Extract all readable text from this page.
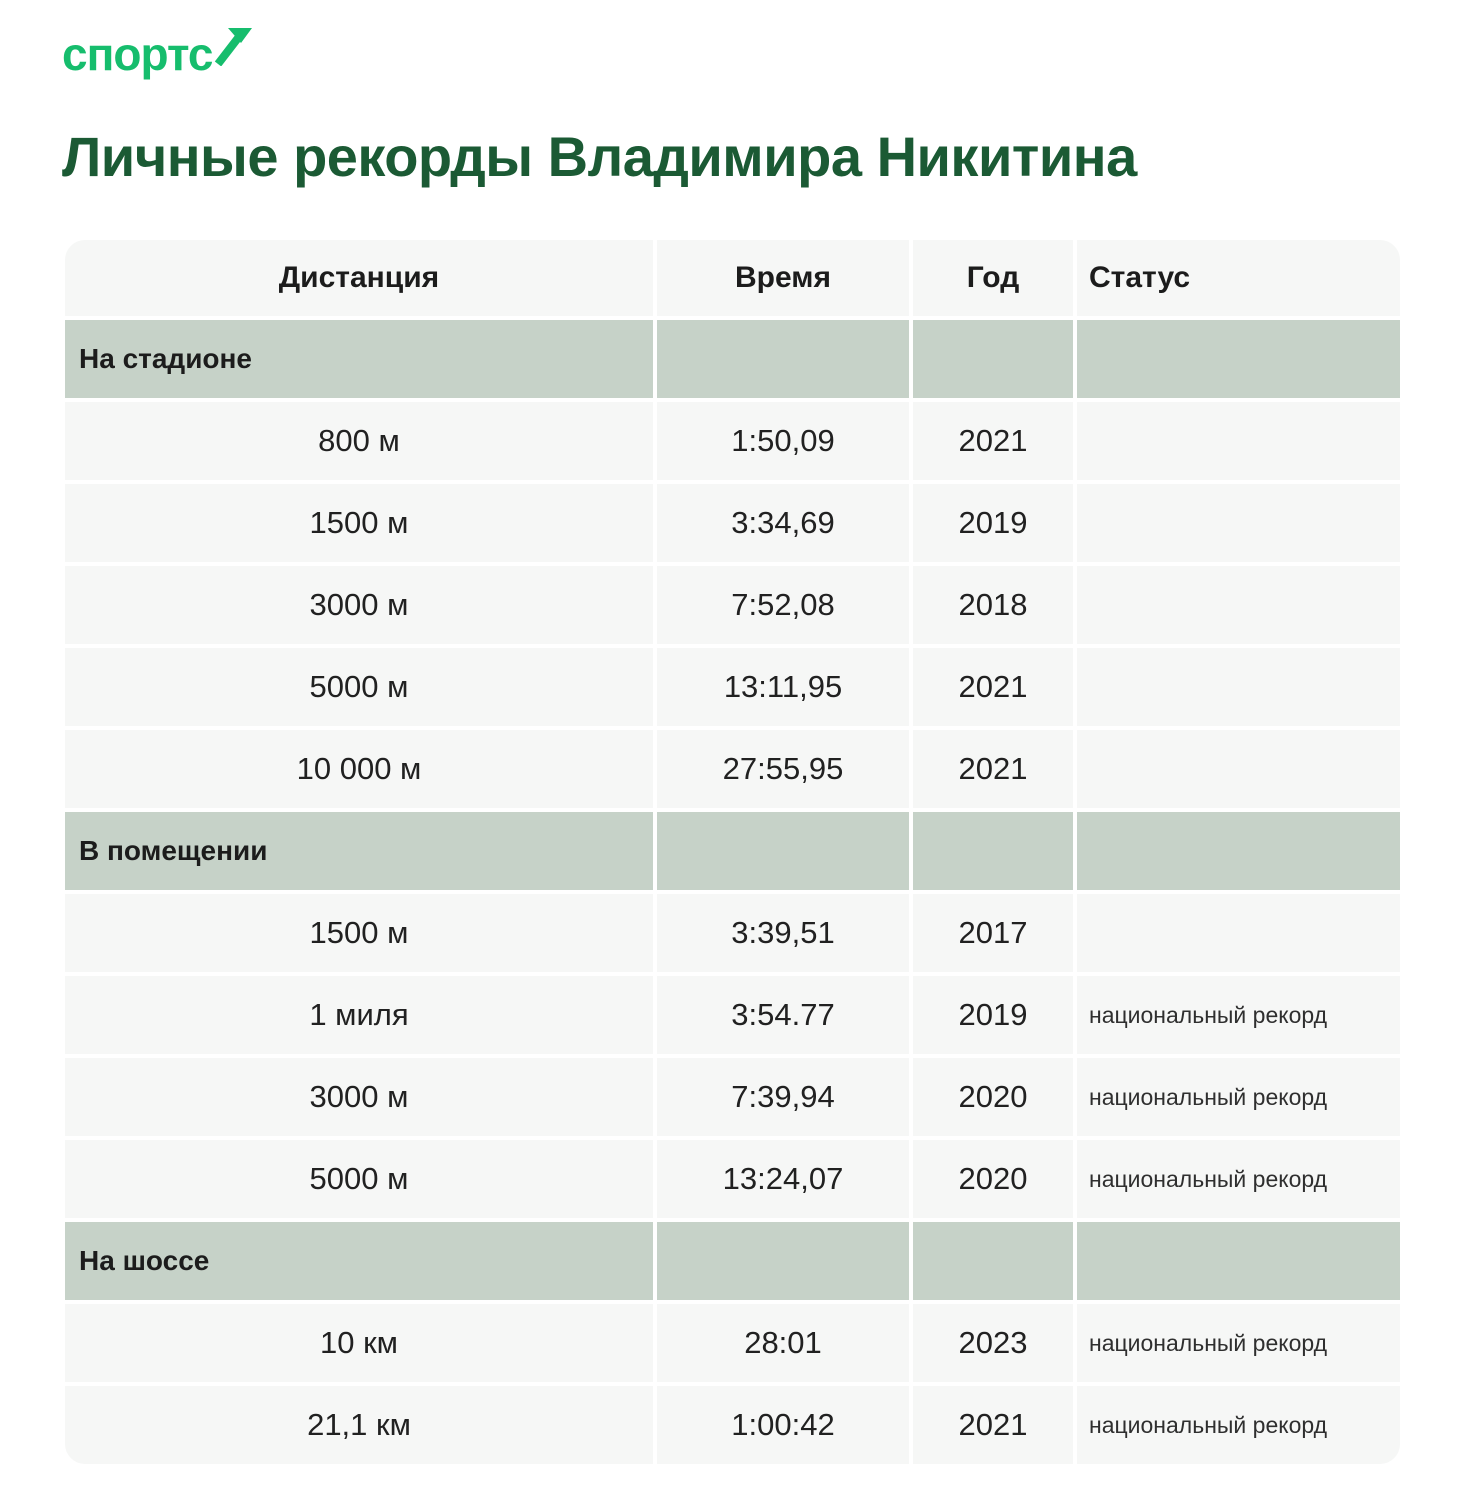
спортс
Личные рекорды Владимира Никитина
Дистанция	Время	Год	Статус
На стадионе
800 м	1:50,09	2021
1500 м	3:34,69	2019
3000 м	7:52,08	2018
5000 м	13:11,95	2021
10 000 м	27:55,95	2021
В помещении
1500 м	3:39,51	2017
1 миля	3:54.77	2019	национальный рекорд
3000 м	7:39,94	2020	национальный рекорд
5000 м	13:24,07	2020	национальный рекорд
На шоссе
10 км	28:01	2023	национальный рекорд
21,1 км	1:00:42	2021	национальный рекорд
